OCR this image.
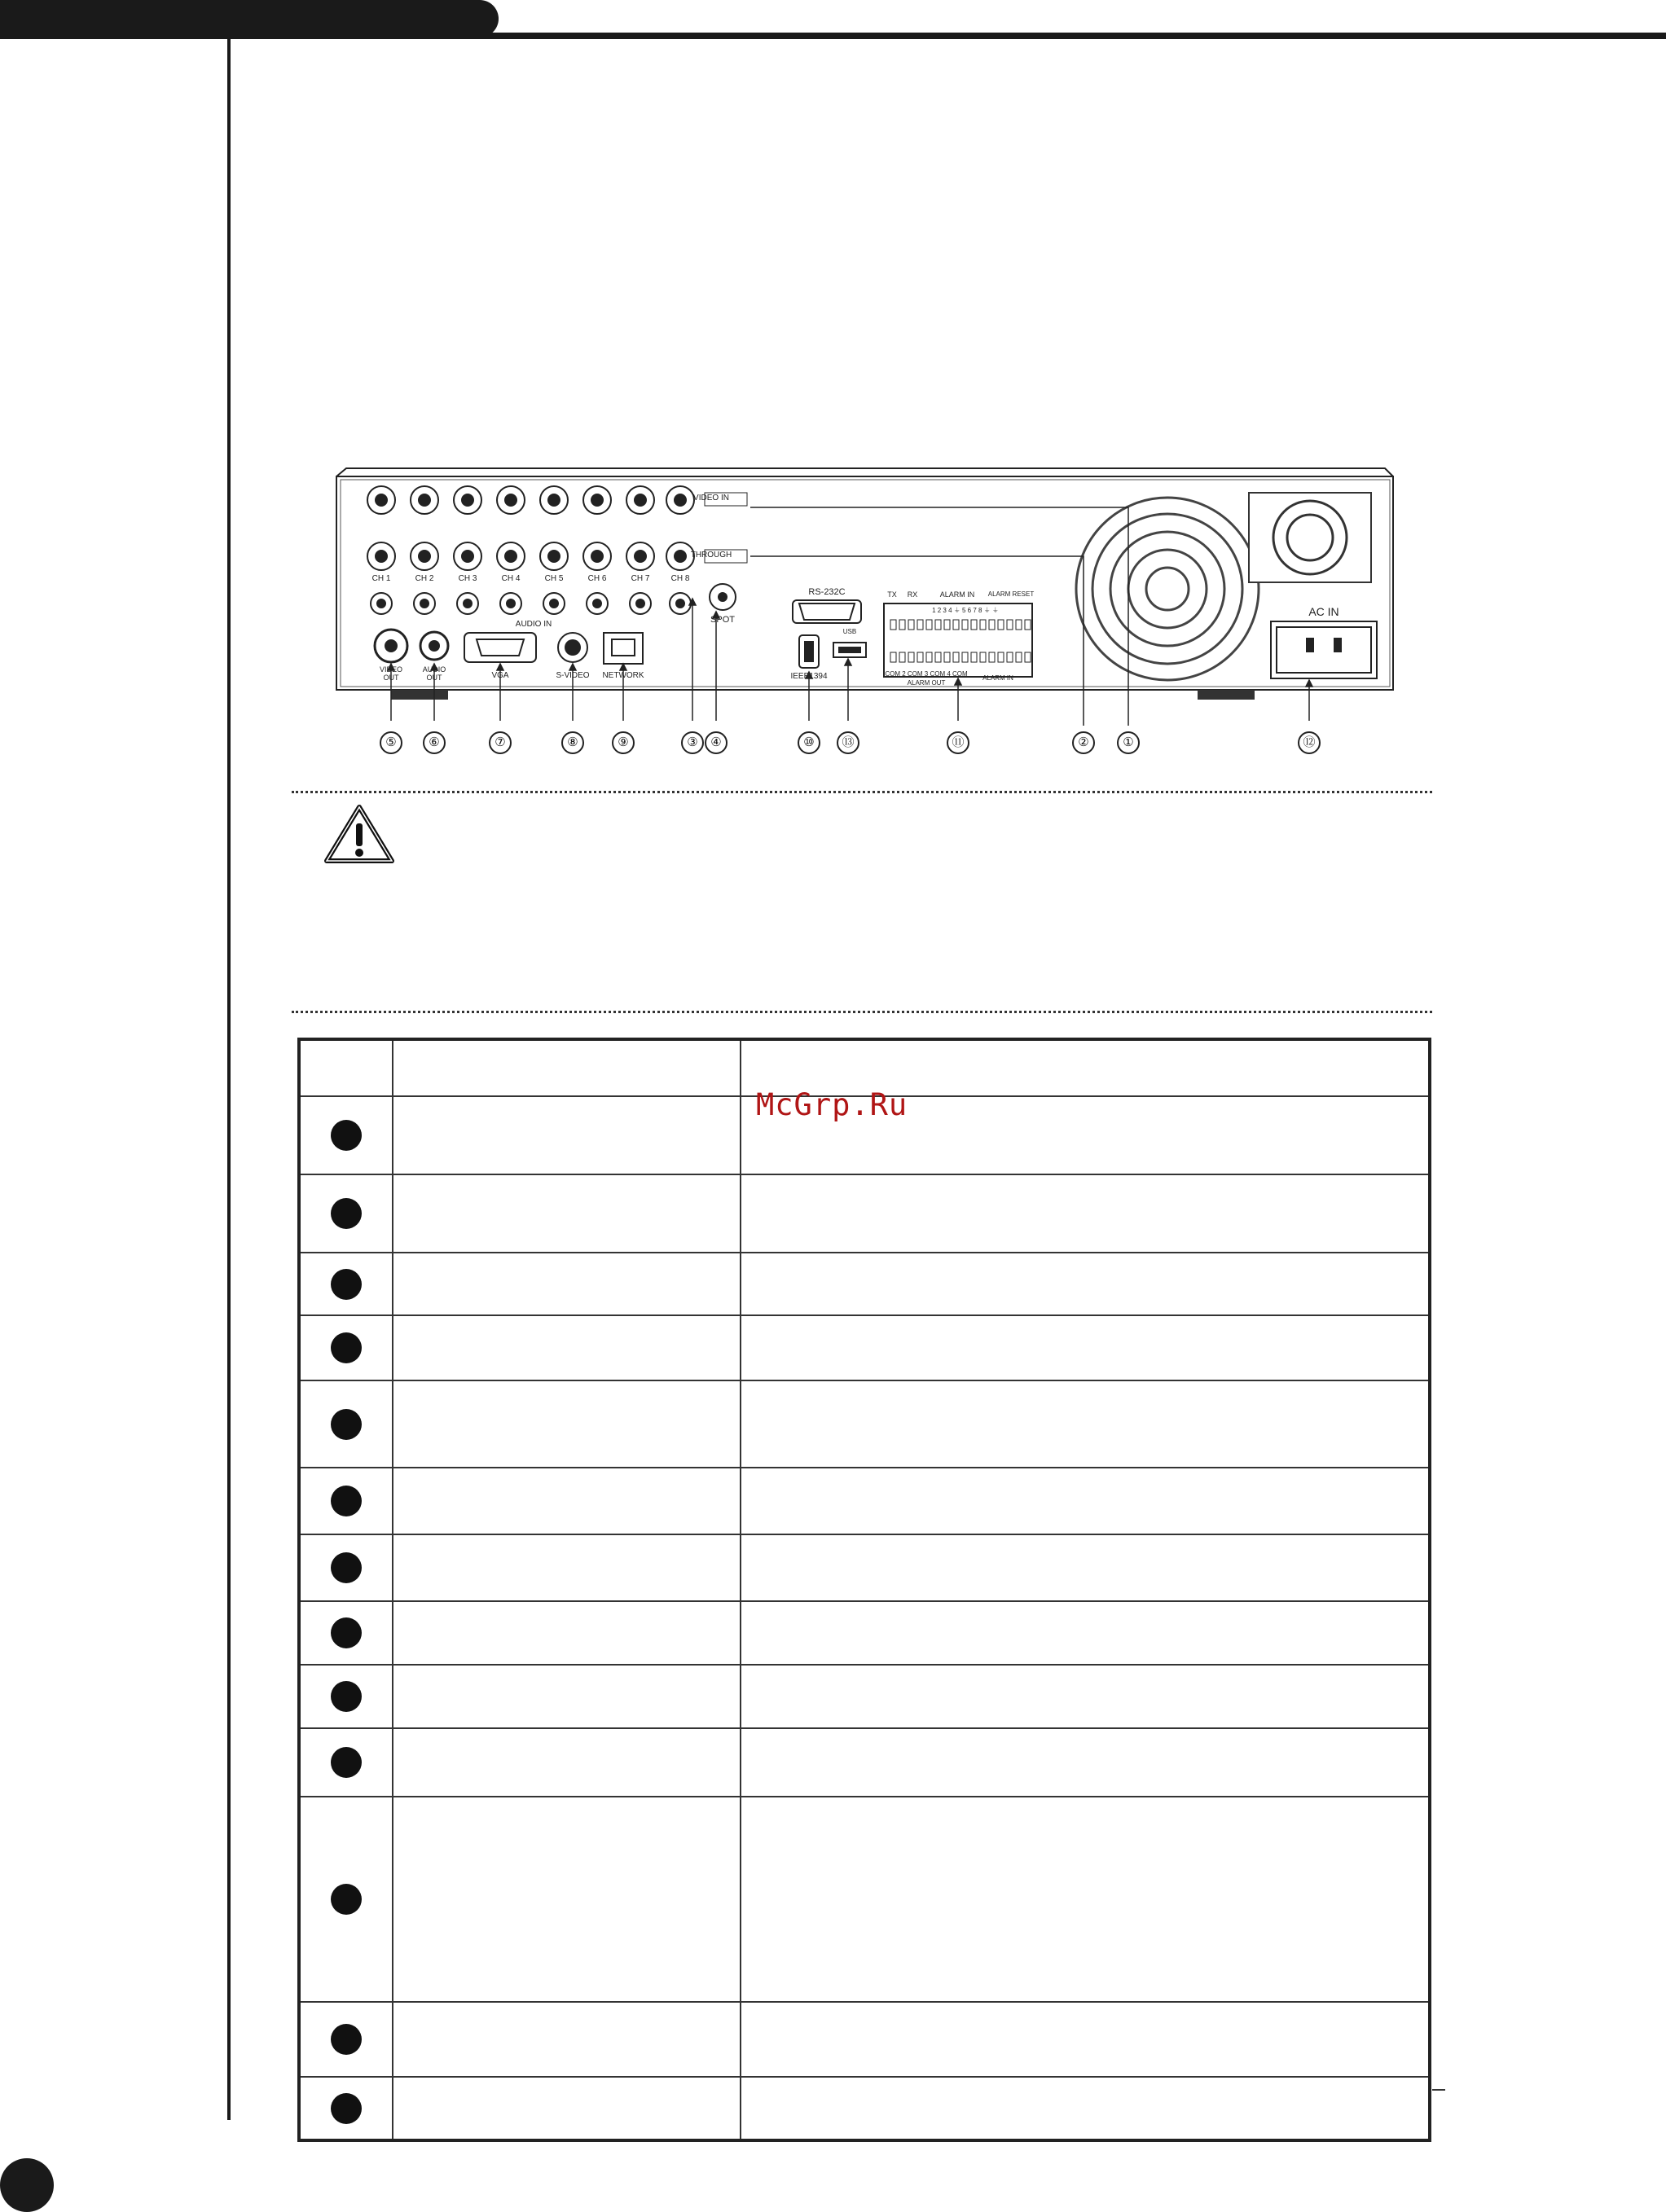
VIDEO IN
THROUGH
CH 1	CH 2	CH 3	CH 4	CH 5	CH 6	CH 7	CH 8
AUDIO IN	SPOT
RS-232C	TX RX	ALARM IN ALARM RESET
1 2 3 4 ⏚ 5 6 7 8 ⏚ ⏚
VIDEO OUT
AUDIO OUT	VGA	S-VIDEO NETWORK	IEEE1394
USB
COM 2 COM 3 COM 4 COM
ALARM OUT
ALARM IN
AC IN
⑤	⑥	⑦	⑧	⑨	③	④	⑩	⑬	⑪	②	①	⑫

McGrp.Ru
